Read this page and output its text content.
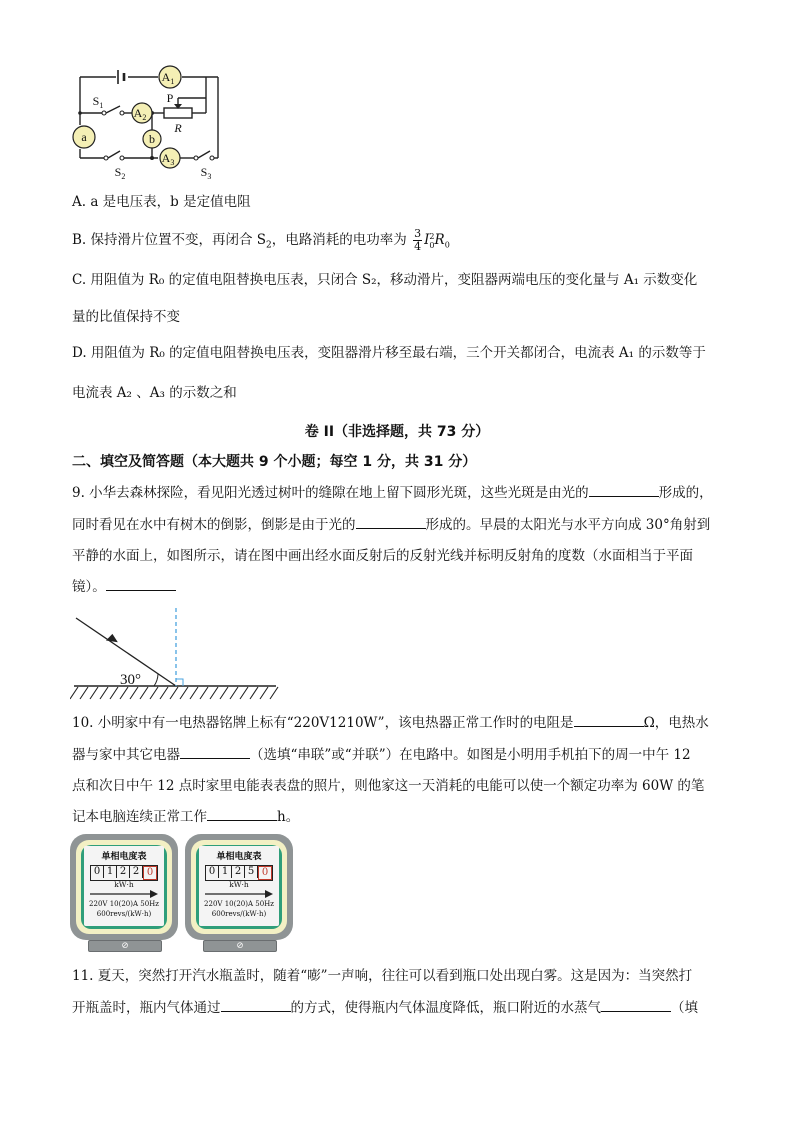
$A_1$
$A_2$
$A_3$
a	b
P
R
$S_1$
$S_2$	$S_3$
A. a 是电压表，b 是定值电阻
B. 保持滑片位置不变，再闭合 $S_2$，电路消耗的电功率为 $\frac{3}{4}$ I 2
0 $R_0$
C. 用阻值为 R₀ 的定值电阻替换电压表，只闭合 S₂，移动滑片，变阻器两端电压的变化量与 A₁ 示数变化
量的比值保持不变
D. 用阻值为 R₀ 的定值电阻替换电压表，变阻器滑片移至最右端，三个开关都闭合，电流表 A₁ 的示数等于
电流表 A₂ 、A₃ 的示数之和
卷 II（非选择题，共 73 分）
二、填空及简答题（本大题共 9 个小题；每空 1 分，共 31 分）
9. 小华去森林探险，看见阳光透过树叶的缝隙在地上留下圆形光斑，这些光斑是由光的	形成的，
同时看见在水中有树木的倒影，倒影是由于光的	形成的。早晨的太阳光与水平方向成 30°角射到
平静的水面上，如图所示，请在图中画出经水面反射后的反射光线并标明反射角的度数（水面相当于平面
镜）。
30°
10. 小明家中有一电热器铭牌上标有“220V1210W”，该电热器正常工作时的电阻是	Ω，电热水
器与家中其它电器	（选填“串联”或“并联”）在电路中。如图是小明用手机拍下的周一中午 12
点和次日中午 12 点时家里电能表表盘的照片，则他家这一天消耗的电能可以使一个额定功率为 60W 的笔
记本电脑连续正常工作	h。
单相电度表
0 1 2 2 0
kW·h
220V 10(20)A 50Hz
600revs/(kW·h)
⊘
单相电度表
0 1 2 5 0
kW·h
220V 10(20)A 50Hz
600revs/(kW·h)
⊘
11. 夏天，突然打开汽水瓶盖时，随着“嘭”一声响，往往可以看到瓶口处出现白雾。这是因为：当突然打
开瓶盖时，瓶内气体通过	的方式，使得瓶内气体温度降低，瓶口附近的水蒸气	（填
